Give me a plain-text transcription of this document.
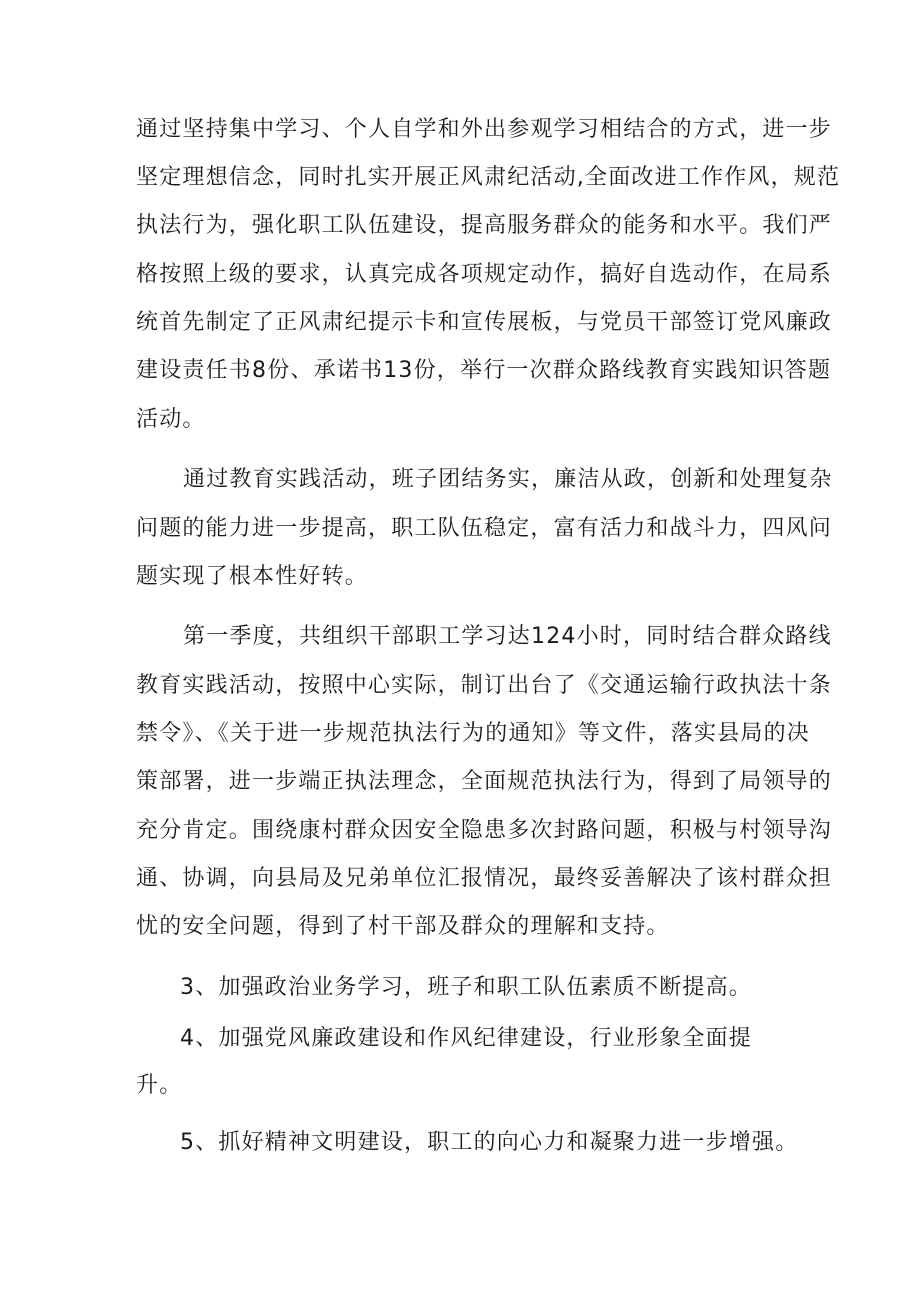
通过坚持集中学习、个人自学和外出参观学习相结合的方式，进一步
坚定理想信念，同时扎实开展正风肃纪活动,全面改进工作作风，规范
执法行为，强化职工队伍建设，提高服务群众的能务和水平。我们严
格按照上级的要求，认真完成各项规定动作，搞好自选动作，在局系
统首先制定了正风肃纪提示卡和宣传展板，与党员干部签订党风廉政
建设责任书8份、承诺书13份，举行一次群众路线教育实践知识答题
活动。
通过教育实践活动，班子团结务实，廉洁从政，创新和处理复杂
问题的能力进一步提高，职工队伍稳定，富有活力和战斗力，四风问
题实现了根本性好转。
第一季度，共组织干部职工学习达124小时，同时结合群众路线
教育实践活动，按照中心实际，制订出台了《交通运输行政执法十条
禁令》、《关于进一步规范执法行为的通知》等文件，落实县局的决
策部署，进一步端正执法理念，全面规范执法行为，得到了局领导的
充分肯定。围绕康村群众因安全隐患多次封路问题，积极与村领导沟
通、协调，向县局及兄弟单位汇报情况，最终妥善解决了该村群众担
忧的安全问题，得到了村干部及群众的理解和支持。
3、加强政治业务学习，班子和职工队伍素质不断提高。
4、加强党风廉政建设和作风纪律建设，行业形象全面提
升。
5、抓好精神文明建设，职工的向心力和凝聚力进一步增强。
